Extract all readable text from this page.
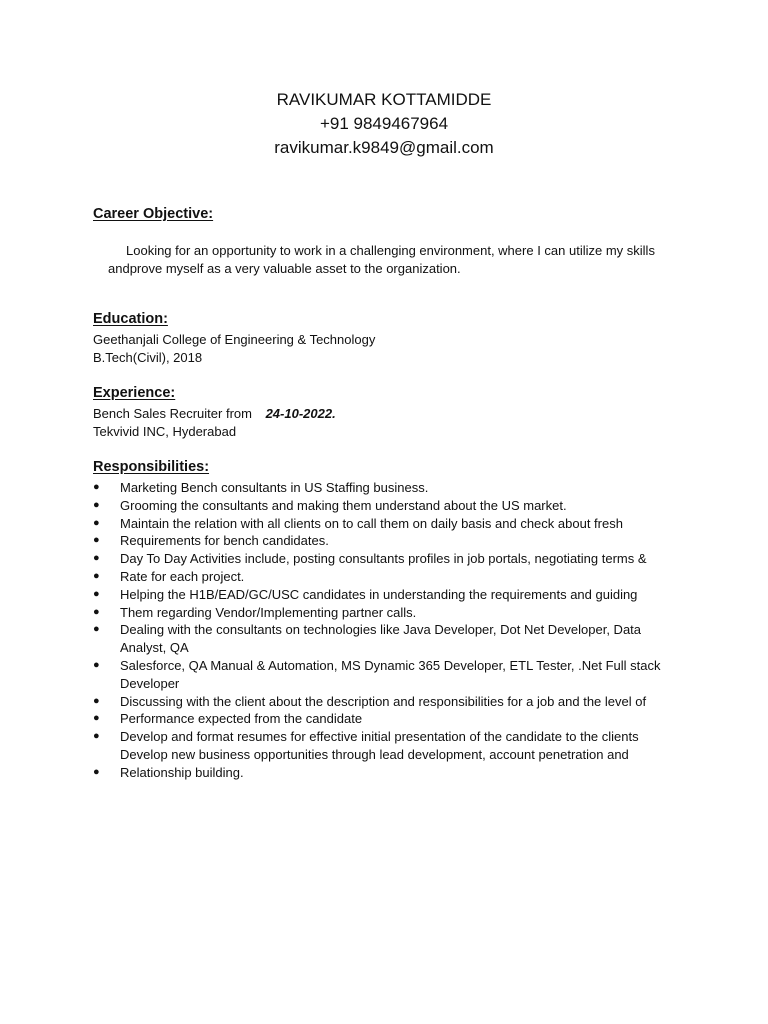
RAVIKUMAR KOTTAMIDDE
+91 9849467964
ravikumar.k9849@gmail.com
Career Objective:
Looking for an opportunity to work in a challenging environment, where I can utilize my skills andprove myself as a very valuable asset to the organization.
Education:
Geethanjali College of Engineering & Technology
B.Tech(Civil), 2018
Experience:
Bench Sales Recruiter from 24-10-2022.
Tekvivid INC, Hyderabad
Responsibilities:
● Marketing Bench consultants in US Staffing business.
● Grooming the consultants and making them understand about the US market.
● Maintain the relation with all clients on to call them on daily basis and check about fresh
● Requirements for bench candidates.
● Day To Day Activities include, posting consultants profiles in job portals, negotiating terms &
● Rate for each project.
● Helping the H1B/EAD/GC/USC candidates in understanding the requirements and guiding
● Them regarding Vendor/Implementing partner calls.
● Dealing with the consultants on technologies like Java Developer, Dot Net Developer, Data Analyst, QA
● Salesforce, QA Manual & Automation, MS Dynamic 365 Developer, ETL Tester, .Net Full stack Developer
● Discussing with the client about the description and responsibilities for a job and the level of
● Performance expected from the candidate
● Develop and format resumes for effective initial presentation of the candidate to the clients Develop new business opportunities through lead development, account penetration and
● Relationship building.
